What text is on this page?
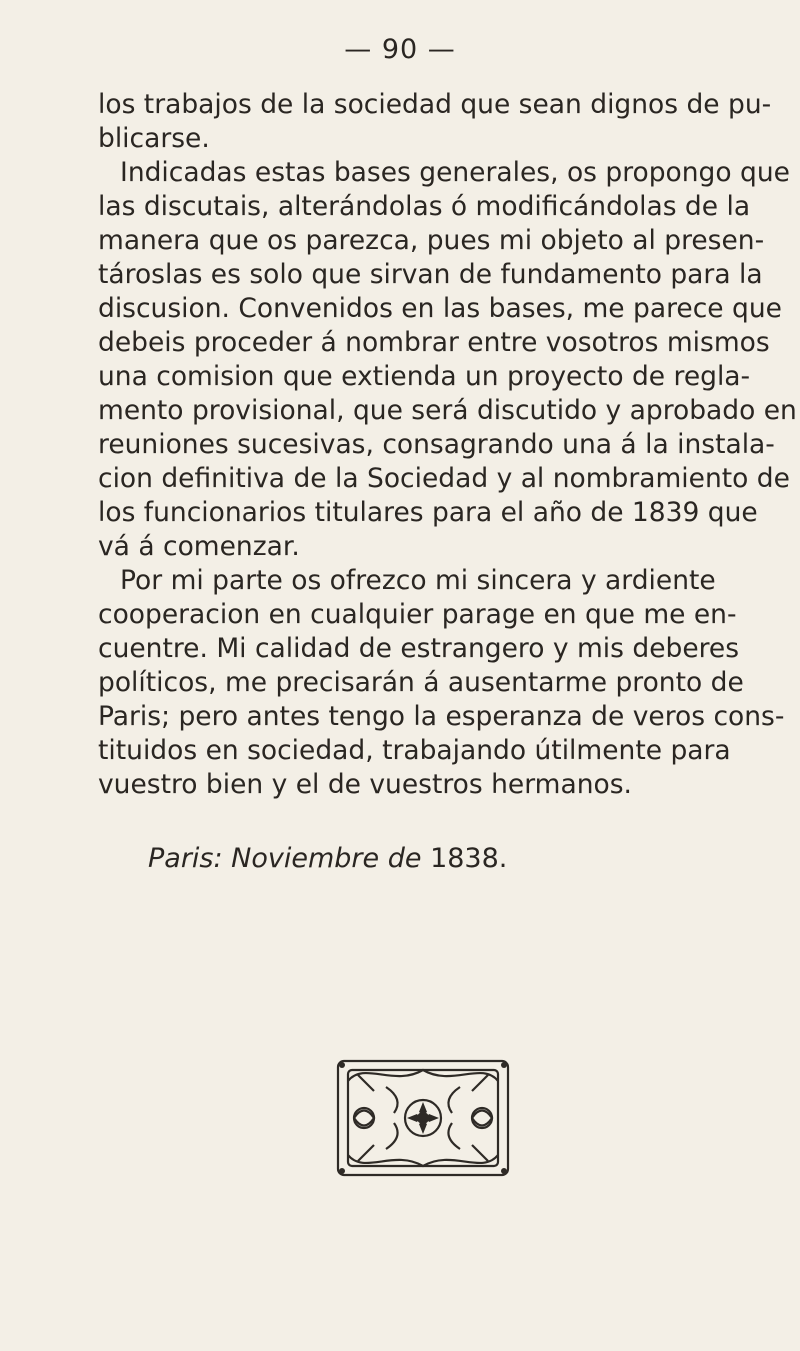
— 90 —
los trabajos de la sociedad que sean dignos de pu-
blicarse.
Indicadas estas bases generales, os propongo que
las discutais, alterándolas ó modificándolas de la
manera que os parezca, pues mi objeto al presen-
tároslas es solo que sirvan de fundamento para la
discusion. Convenidos en las bases, me parece que
debeis proceder á nombrar entre vosotros mismos
una comision que extienda un proyecto de regla-
mento provisional, que será discutido y aprobado en
reuniones sucesivas, consagrando una á la instala-
cion definitiva de la Sociedad y al nombramiento de
los funcionarios titulares para el año de 1839 que
vá á comenzar.
Por mi parte os ofrezco mi sincera y ardiente
cooperacion en cualquier parage en que me en-
cuentre. Mi calidad de estrangero y mis deberes
políticos, me precisarán á ausentarme pronto de
Paris; pero antes tengo la esperanza de veros cons-
tituidos en sociedad, trabajando útilmente para
vuestro bien y el de vuestros hermanos.
Paris: Noviembre de 1838.
